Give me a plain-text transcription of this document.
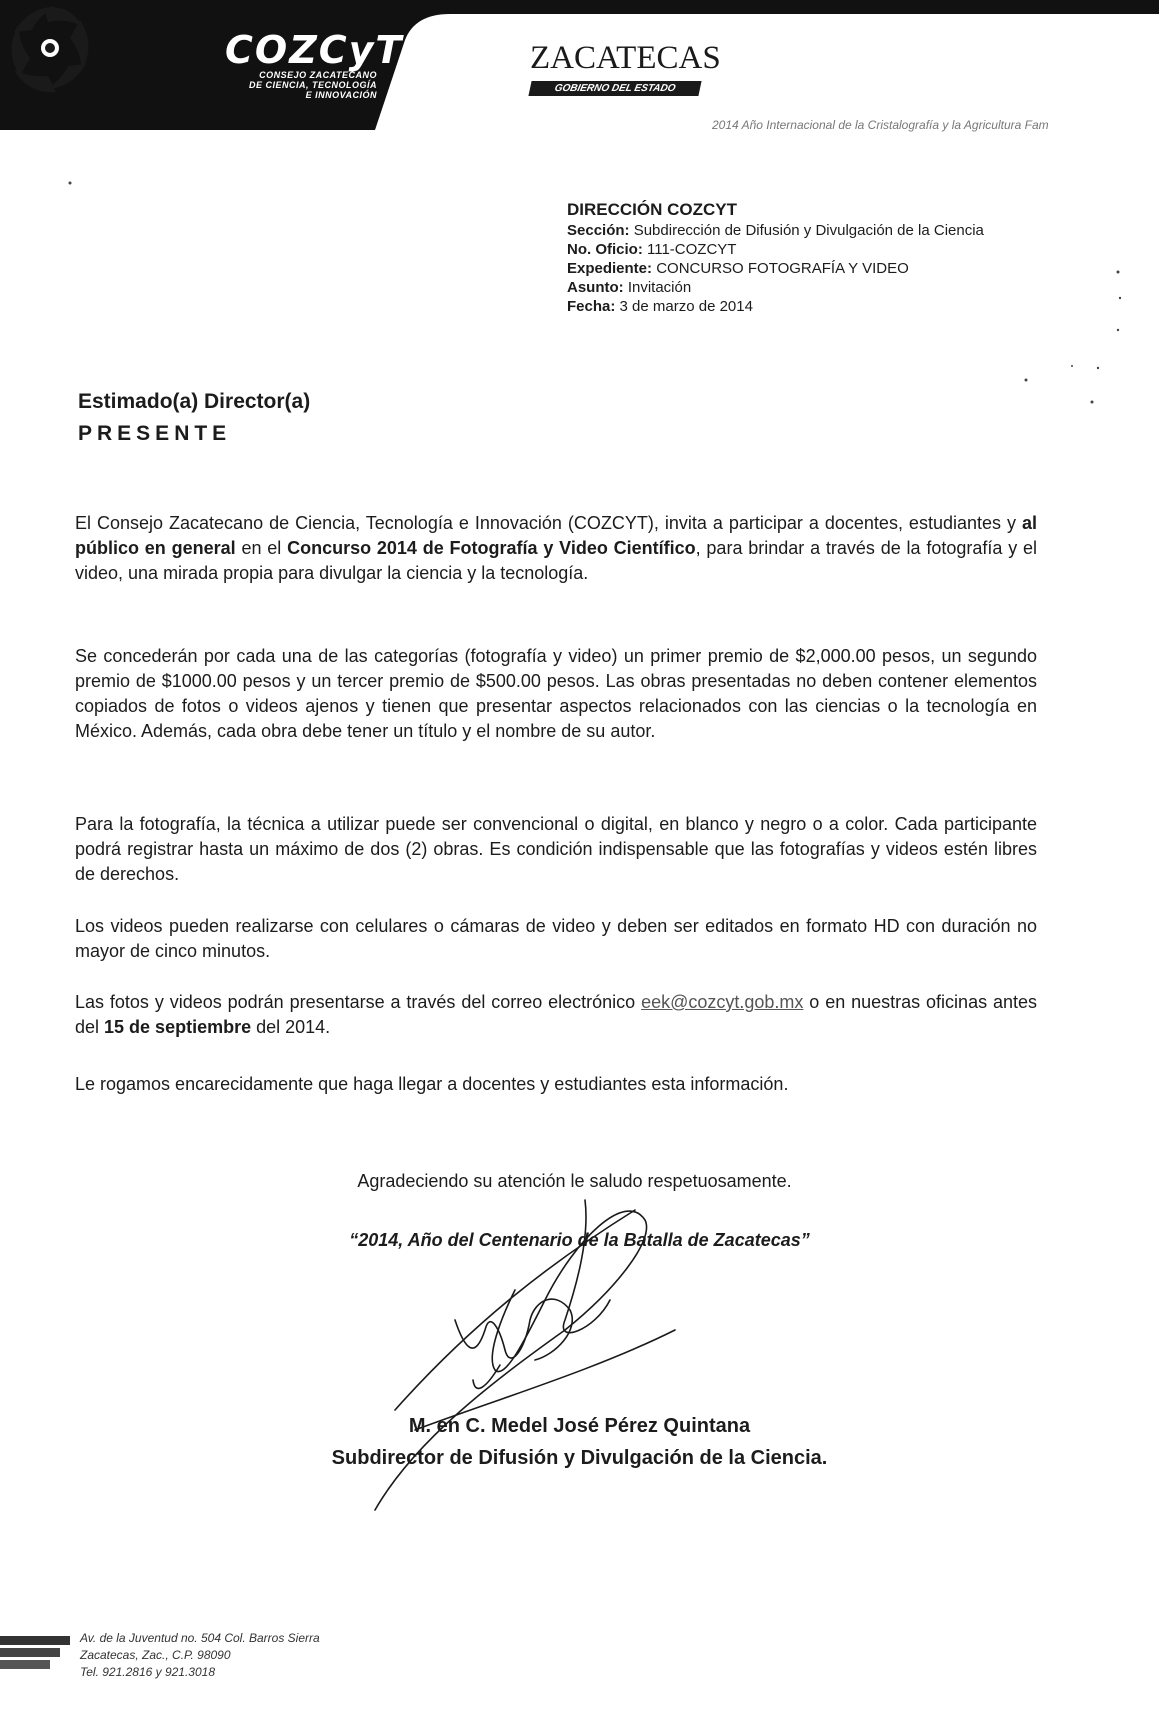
COZCyT
CONSEJO ZACATECANO
DE CIENCIA, TECNOLOGÍA
E INNOVACIÓN
ZACATECAS
GOBIERNO DEL ESTADO
2014 Año Internacional de la Cristalografía y la Agricultura Fam
DIRECCIÓN COZCYT

Sección: Subdirección de Difusión y Divulgación de la Ciencia

No. Oficio: 111-COZCYT

Expediente: CONCURSO FOTOGRAFÍA Y VIDEO

Asunto: Invitación

Fecha: 3 de marzo de 2014

Estimado(a) Director(a)
PRESENTE

El Consejo Zacatecano de Ciencia, Tecnología e Innovación (COZCYT), invita a participar a docentes, estudiantes y al público en general en el Concurso 2014 de Fotografía y Video Científico, para brindar a través de la fotografía y el video, una mirada propia para divulgar la ciencia y la tecnología.

Se concederán por cada una de las categorías (fotografía y video) un primer premio de $2,000.00 pesos, un segundo premio de $1000.00 pesos y un tercer premio de $500.00 pesos. Las obras presentadas no deben contener elementos copiados de fotos o videos ajenos y tienen que presentar aspectos relacionados con las ciencias o la tecnología en México. Además, cada obra debe tener un título y el nombre de su autor.

Para la fotografía, la técnica a utilizar puede ser convencional o digital, en blanco y negro o a color. Cada participante podrá registrar hasta un máximo de dos (2) obras. Es condición indispensable que las fotografías y videos estén libres de derechos.

Los videos pueden realizarse con celulares o cámaras de video y deben ser editados en formato HD con duración no mayor de cinco minutos.

Las fotos y videos podrán presentarse a través del correo electrónico eek@cozcyt.gob.mx o en nuestras oficinas antes del 15 de septiembre del 2014.

Le rogamos encarecidamente que haga llegar a docentes y estudiantes esta información.

Agradeciendo su atención le saludo respetuosamente.

“2014, Año del Centenario de la Batalla de Zacatecas”

M. en C. Medel José Pérez Quintana
Subdirector de Difusión y Divulgación de la Ciencia.
Av. de la Juventud no. 504 Col. Barros Sierra
Zacatecas, Zac., C.P. 98090
Tel. 921.2816 y 921.3018
